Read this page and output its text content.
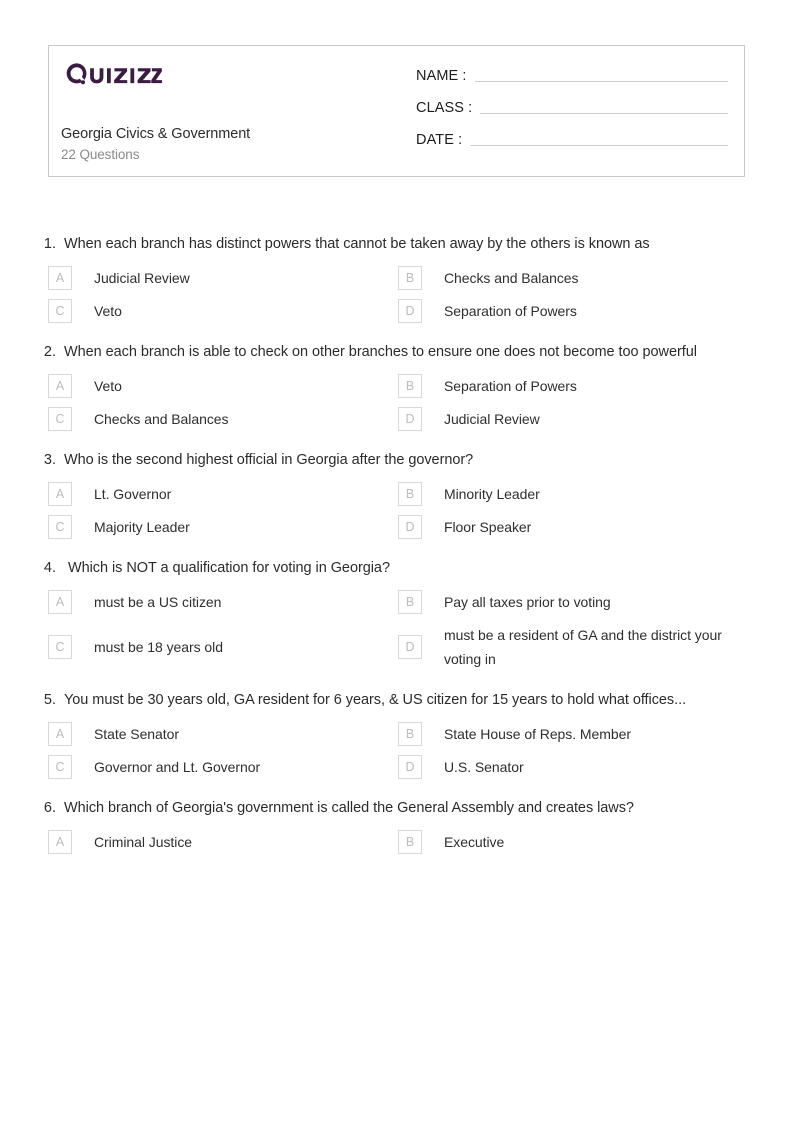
Georgia Civics & Government
22 Questions
NAME :
CLASS :
DATE :
1. When each branch has distinct powers that cannot be taken away by the others is known as
A	Judicial Review	B	Checks and Balances
C	Veto	D	Separation of Powers
2. When each branch is able to check on other branches to ensure one does not become too powerful
A	Veto	B	Separation of Powers
C	Checks and Balances	D	Judicial Review
3. Who is the second highest official in Georgia after the governor?
A	Lt. Governor	B	Minority Leader
C	Majority Leader	D	Floor Speaker
4. Which is NOT a qualification for voting in Georgia?
A	must be a US citizen	B	Pay all taxes prior to voting
C	must be 18 years old	D
must be a resident of GA and the district your voting in
5. You must be 30 years old, GA resident for 6 years, & US citizen for 15 years to hold what offices...
A	State Senator	B	State House of Reps. Member
C	Governor and Lt. Governor	D	U.S. Senator
6. Which branch of Georgia's government is called the General Assembly and creates laws?
A	Criminal Justice	B	Executive
